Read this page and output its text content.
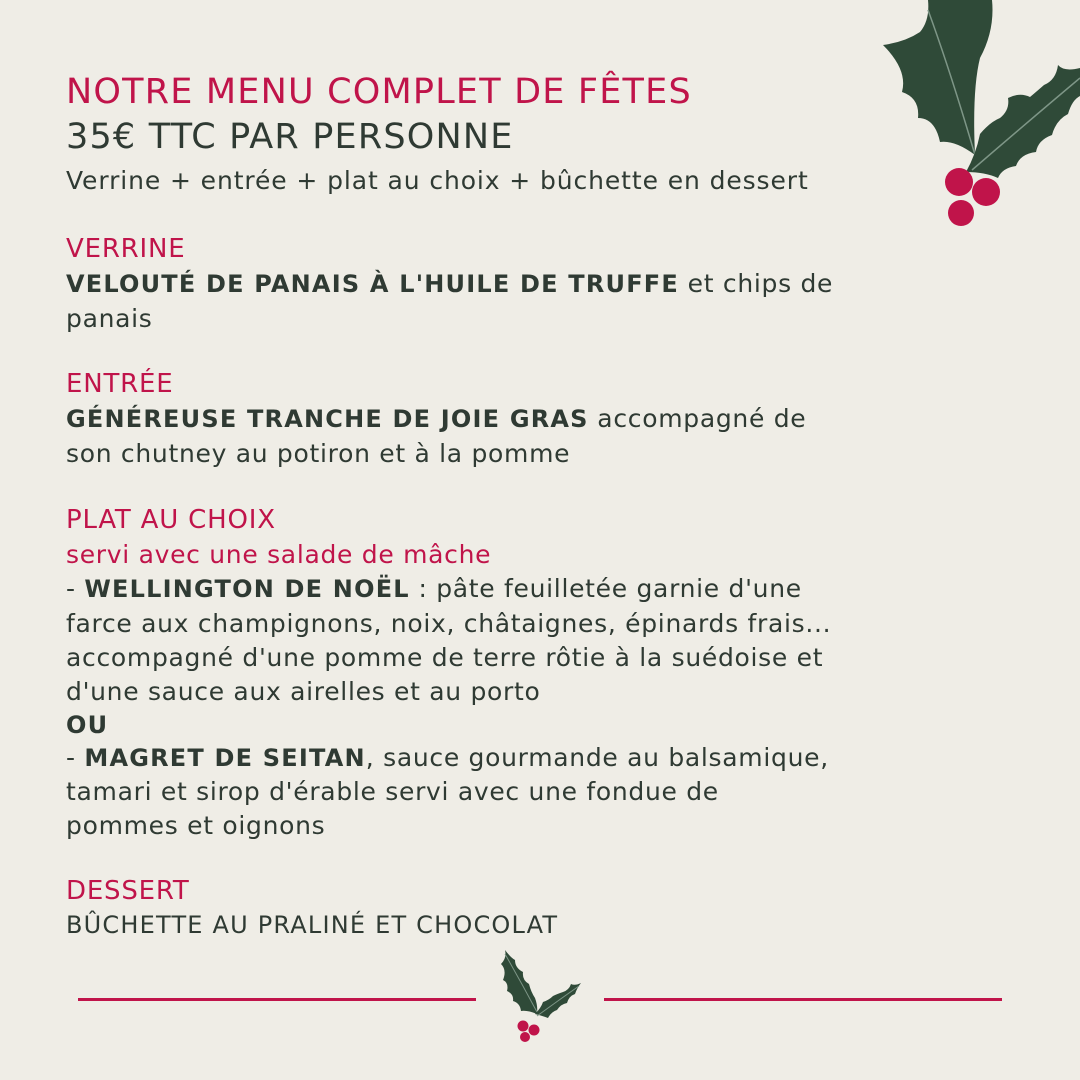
NOTRE MENU COMPLET DE FÊTES
35€ TTC PAR PERSONNE
Verrine + entrée + plat au choix + bûchette en dessert
VERRINE
VELOUTÉ DE PANAIS À L'HUILE DE TRUFFE et chips de
panais
ENTRÉE
GÉNÉREUSE TRANCHE DE JOIE GRAS accompagné de
son chutney au potiron et à la pomme
PLAT AU CHOIX
servi avec une salade de mâche
- WELLINGTON DE NOËL : pâte feuilletée garnie d'une
farce aux champignons, noix, châtaignes, épinards frais...
accompagné d'une pomme de terre rôtie à la suédoise et
d'une sauce aux airelles et au porto
OU
- MAGRET DE SEITAN, sauce gourmande au balsamique,
tamari et sirop d'érable servi avec une fondue de
pommes et oignons
DESSERT
BÛCHETTE AU PRALINÉ ET CHOCOLAT
